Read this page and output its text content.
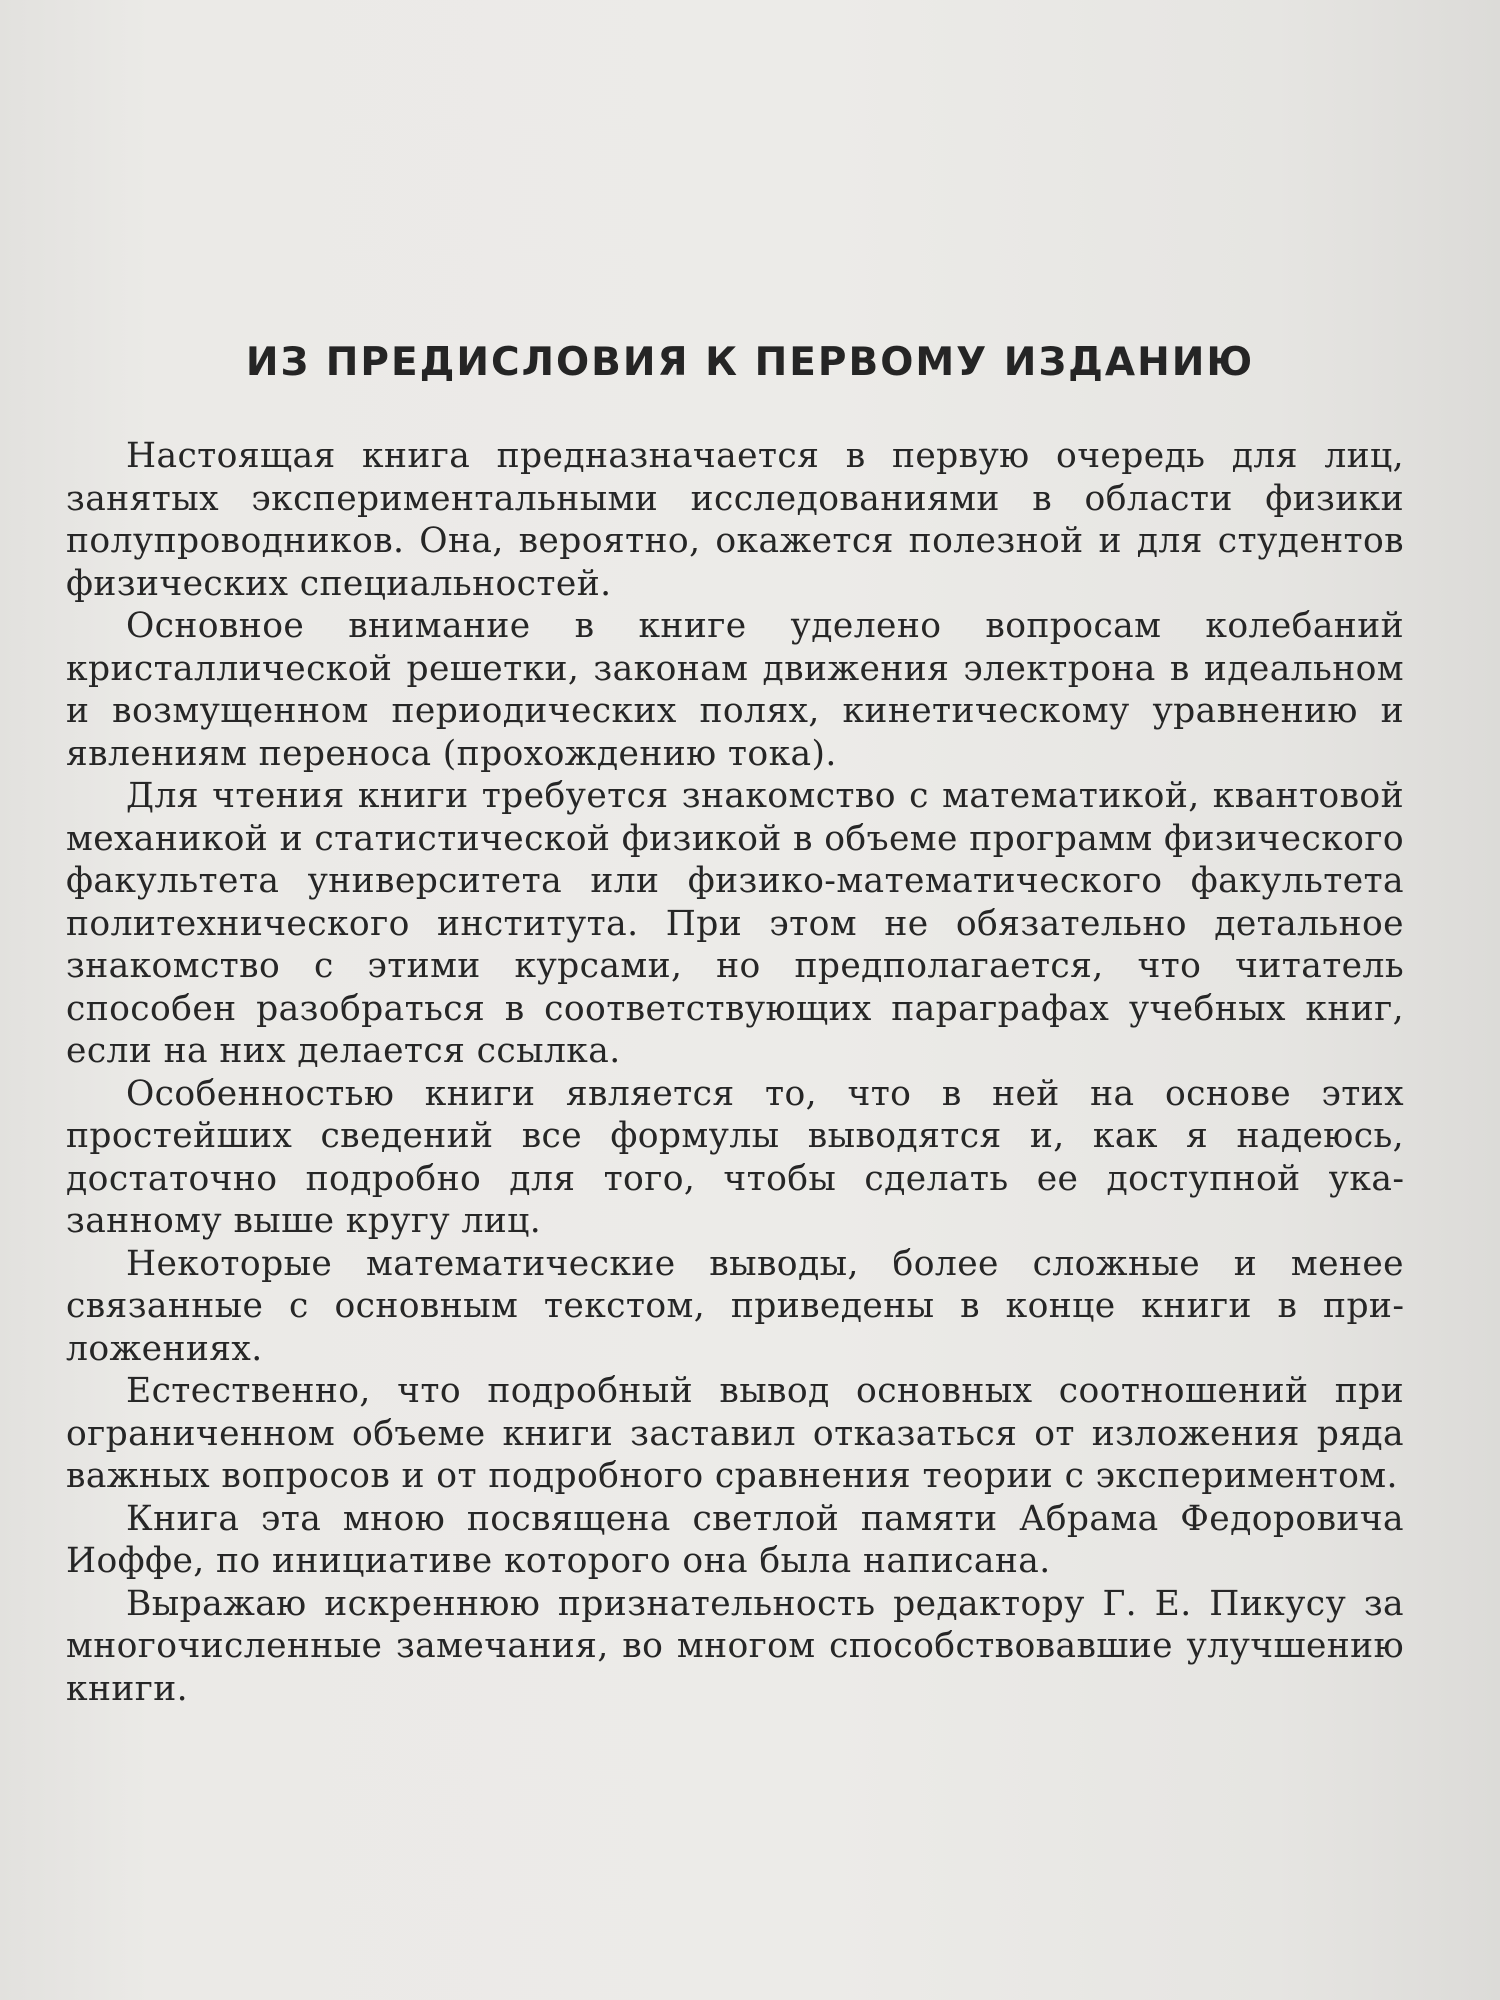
ИЗ ПРЕДИСЛОВИЯ К ПЕРВОМУ ИЗДАНИЮ

Настоящая книга предназначается в первую очередь для лиц, занятых экспериментальными исследованиями в области физики полупроводников. Она, вероятно, окажется полезной и для студентов физических специальностей.

Основное внимание в книге уделено вопросам колебаний кристаллической решетки, законам движения электрона в идеальном и возмущенном периодических полях, кинетическому уравнению и явлениям переноса (прохождению тока).

Для чтения книги требуется знакомство с математикой, квантовой механикой и статистической физикой в объеме программ физического факультета университета или физико-математического факультета политехнического института. При этом не обязательно детальное знакомство с этими курсами, но предполагается, что читатель способен разобраться в соответствующих параграфах учебных книг, если на них делается ссылка.

Особенностью книги является то, что в ней на основе этих простейших сведений все формулы выводятся и, как я надеюсь, достаточно подробно для того, чтобы сделать ее доступной указанному выше кругу лиц.

Некоторые математические выводы, более сложные и менее связанные с основным текстом, приведены в конце книги в приложениях.

Естественно, что подробный вывод основных соотношений при ограниченном объеме книги заставил отказаться от изложения ряда важных вопросов и от подробного сравнения теории с экспериментом.

Книга эта мною посвящена светлой памяти Абрама Федоровича Иоффе, по инициативе которого она была написана.

Выражаю искреннюю признательность редактору Г. Е. Пикусу за многочисленные замечания, во многом способствовавшие улучшению книги.
